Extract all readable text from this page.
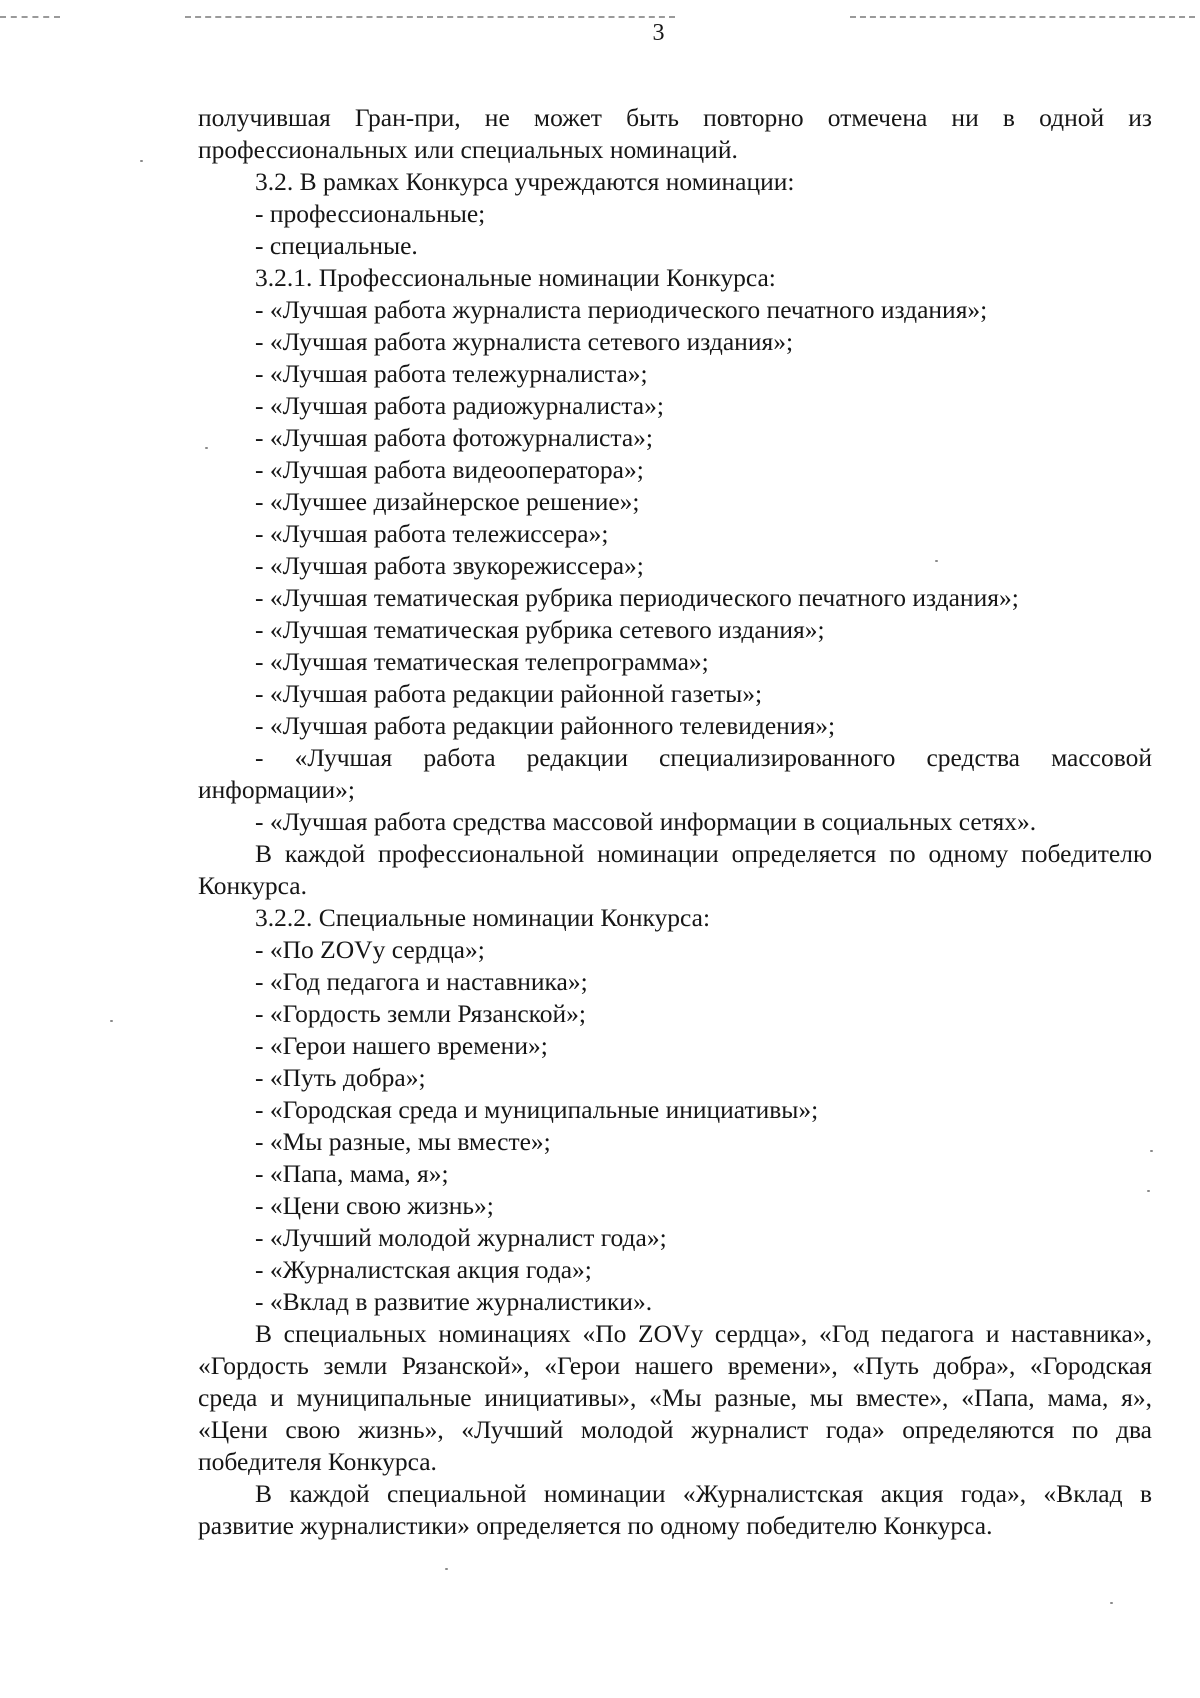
3

получившая Гран-при, не может быть повторно отмечена ни в одной из профессиональных или специальных номинаций.

3.2. В рамках Конкурса учреждаются номинации:

- профессиональные;

- специальные.

3.2.1. Профессиональные номинации Конкурса:

- «Лучшая работа журналиста периодического печатного издания»;

- «Лучшая работа журналиста сетевого издания»;

- «Лучшая работа тележурналиста»;

- «Лучшая работа радиожурналиста»;

- «Лучшая работа фотожурналиста»;

- «Лучшая работа видеооператора»;

- «Лучшее дизайнерское решение»;

- «Лучшая работа тележиссера»;

- «Лучшая работа звукорежиссера»;

- «Лучшая тематическая рубрика периодического печатного издания»;

- «Лучшая тематическая рубрика сетевого издания»;

- «Лучшая тематическая телепрограмма»;

- «Лучшая работа редакции районной газеты»;

- «Лучшая работа редакции районного телевидения»;

- «Лучшая работа редакции специализированного средства массовой информации»;

- «Лучшая работа средства массовой информации в социальных сетях».

В каждой профессиональной номинации определяется по одному победителю Конкурса.

3.2.2. Специальные номинации Конкурса:

- «По ZOVу сердца»;

- «Год педагога и наставника»;

- «Гордость земли Рязанской»;

- «Герои нашего времени»;

- «Путь добра»;

- «Городская среда и муниципальные инициативы»;

- «Мы разные, мы вместе»;

- «Папа, мама, я»;

- «Цени свою жизнь»;

- «Лучший молодой журналист года»;

- «Журналистская акция года»;

- «Вклад в развитие журналистики».

В специальных номинациях «По ZOVу сердца», «Год педагога и наставника», «Гордость земли Рязанской», «Герои нашего времени», «Путь добра», «Городская среда и муниципальные инициативы», «Мы разные, мы вместе», «Папа, мама, я», «Цени свою жизнь», «Лучший молодой журналист года» определяются по два победителя Конкурса.

В каждой специальной номинации «Журналистская акция года», «Вклад в развитие журналистики» определяется по одному победителю Конкурса.
